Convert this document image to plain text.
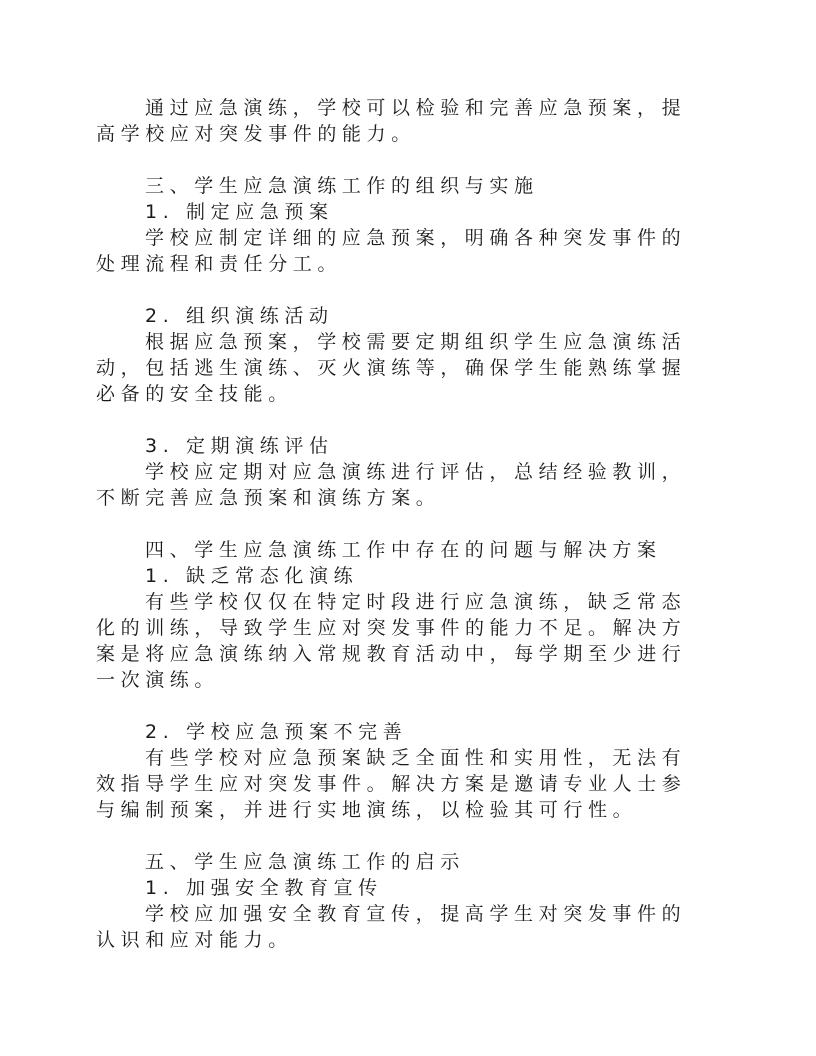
通过应急演练，学校可以检验和完善应急预案，提高学校应对突发事件的能力。

三、学生应急演练工作的组织与实施

1. 制定应急预案

学校应制定详细的应急预案，明确各种突发事件的处理流程和责任分工。

2. 组织演练活动

根据应急预案，学校需要定期组织学生应急演练活动，包括逃生演练、灭火演练等，确保学生能熟练掌握必备的安全技能。

3. 定期演练评估

学校应定期对应急演练进行评估，总结经验教训，不断完善应急预案和演练方案。

四、学生应急演练工作中存在的问题与解决方案

1. 缺乏常态化演练

有些学校仅仅在特定时段进行应急演练，缺乏常态化的训练，导致学生应对突发事件的能力不足。解决方案是将应急演练纳入常规教育活动中，每学期至少进行一次演练。

2. 学校应急预案不完善

有些学校对应急预案缺乏全面性和实用性，无法有效指导学生应对突发事件。解决方案是邀请专业人士参与编制预案，并进行实地演练，以检验其可行性。

五、学生应急演练工作的启示

1. 加强安全教育宣传

学校应加强安全教育宣传，提高学生对突发事件的认识和应对能力。
